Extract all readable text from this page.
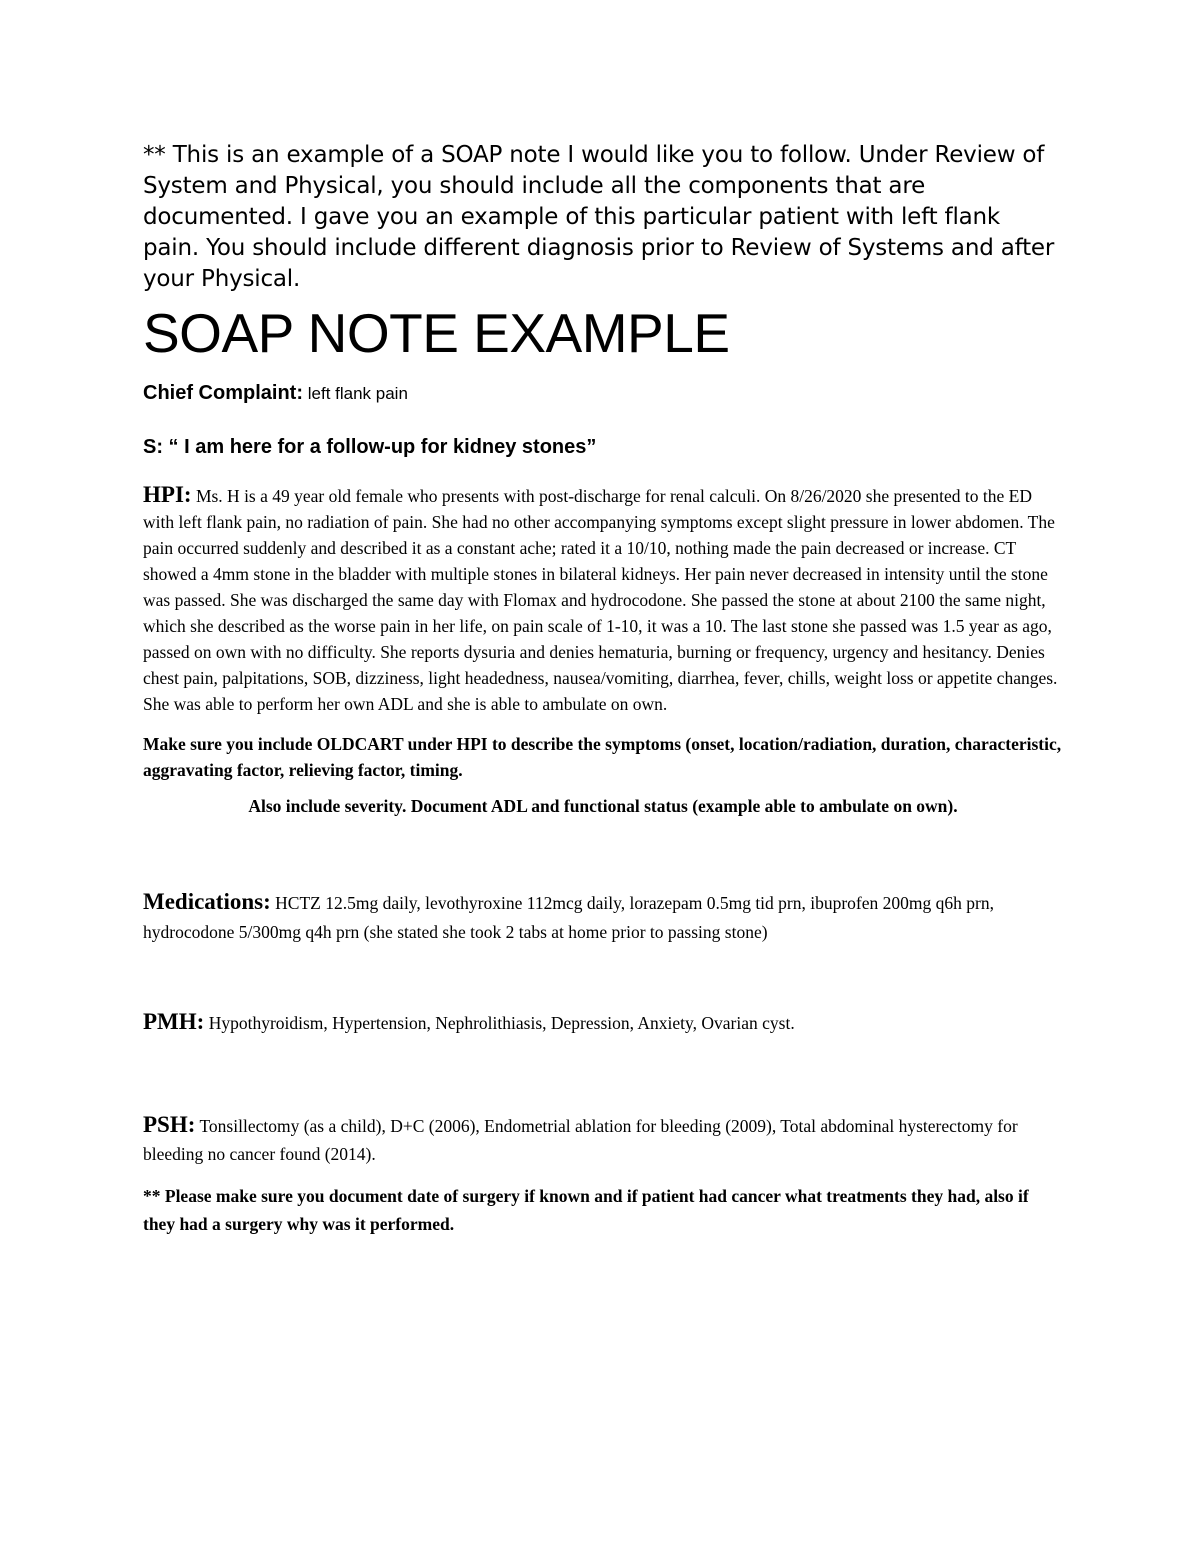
** This is an example of a SOAP note I would like you to follow. Under Review of System and Physical, you should include all the components that are documented. I gave you an example of this particular patient with left flank pain. You should include different diagnosis prior to Review of Systems and after your Physical.

SOAP NOTE EXAMPLE

Chief Complaint: left flank pain

S: “ I am here for a follow-up for kidney stones”

HPI: Ms. H is a 49 year old female who presents with post-discharge for renal calculi. On 8/26/2020 she presented to the ED with left flank pain, no radiation of pain. She had no other accompanying symptoms except slight pressure in lower abdomen. The pain occurred suddenly and described it as a constant ache; rated it a 10/10, nothing made the pain decreased or increase. CT showed a 4mm stone in the bladder with multiple stones in bilateral kidneys. Her pain never decreased in intensity until the stone was passed. She was discharged the same day with Flomax and hydrocodone. She passed the stone at about 2100 the same night, which she described as the worse pain in her life, on pain scale of 1-10, it was a 10. The last stone she passed was 1.5 year as ago, passed on own with no difficulty. She reports dysuria and denies hematuria, burning or frequency, urgency and hesitancy. Denies chest pain, palpitations, SOB, dizziness, light headedness, nausea/vomiting, diarrhea, fever, chills, weight loss or appetite changes. She was able to perform her own ADL and she is able to ambulate on own.

Make sure you include OLDCART under HPI to describe the symptoms (onset, location/radiation, duration, characteristic, aggravating factor, relieving factor, timing.

Also include severity. Document ADL and functional status (example able to ambulate on own).

Medications: HCTZ 12.5mg daily, levothyroxine 112mcg daily, lorazepam 0.5mg tid prn, ibuprofen 200mg q6h prn, hydrocodone 5/300mg q4h prn (she stated she took 2 tabs at home prior to passing stone)

PMH: Hypothyroidism, Hypertension, Nephrolithiasis, Depression, Anxiety, Ovarian cyst.

PSH: Tonsillectomy (as a child), D+C (2006), Endometrial ablation for bleeding (2009), Total abdominal hysterectomy for bleeding no cancer found (2014).

** Please make sure you document date of surgery if known and if patient had cancer what treatments they had, also if they had a surgery why was it performed.
